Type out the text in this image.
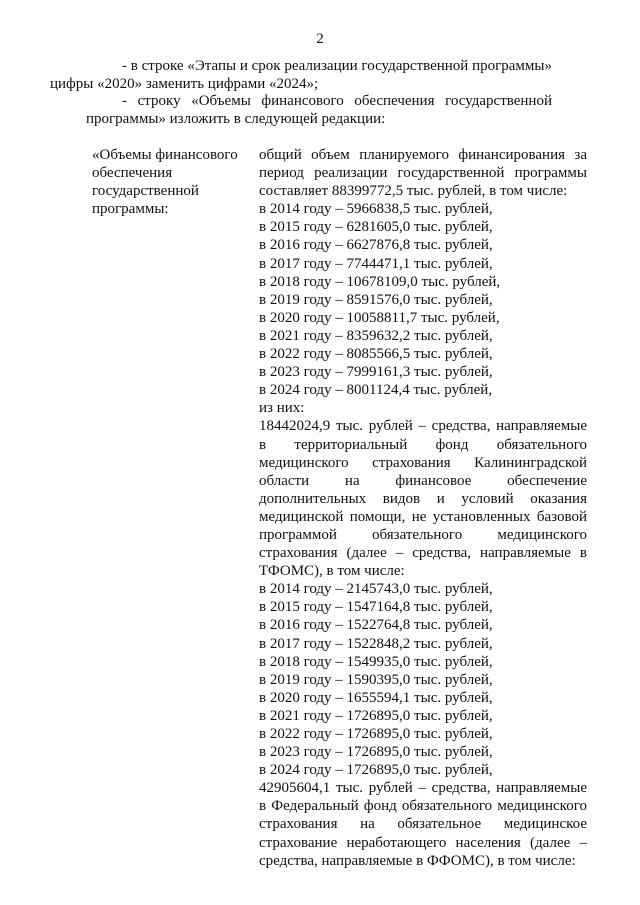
2

- в строке «Этапы и срок реализации государственной программы»
цифры «2020» заменить цифрами «2024»;

- строку «Объемы финансового обеспечения государственной
программы» изложить в следующей редакции:

«Объемы финансового
обеспечения
государственной
программы:
общий объем планируемого финансирования за
период реализации государственной программы
составляет 88399772,5 тыс. рублей, в том числе:
в 2014 году – 5966838,5 тыс. рублей,
в 2015 году – 6281605,0 тыс. рублей,
в 2016 году – 6627876,8 тыс. рублей,
в 2017 году – 7744471,1 тыс. рублей,
в 2018 году – 10678109,0 тыс. рублей,
в 2019 году – 8591576,0 тыс. рублей,
в 2020 году – 10058811,7 тыс. рублей,
в 2021 году – 8359632,2 тыс. рублей,
в 2022 году – 8085566,5 тыс. рублей,
в 2023 году – 7999161,3 тыс. рублей,
в 2024 году – 8001124,4 тыс. рублей,
из них:
18442024,9 тыс. рублей – средства, направляемые
в территориальный фонд обязательного
медицинского страхования Калининградской
области на финансовое обеспечение
дополнительных видов и условий оказания
медицинской помощи, не установленных базовой
программой обязательного медицинского
страхования (далее – средства, направляемые в
ТФОМС), в том числе:
в 2014 году – 2145743,0 тыс. рублей,
в 2015 году – 1547164,8 тыс. рублей,
в 2016 году – 1522764,8 тыс. рублей,
в 2017 году – 1522848,2 тыс. рублей,
в 2018 году – 1549935,0 тыс. рублей,
в 2019 году – 1590395,0 тыс. рублей,
в 2020 году – 1655594,1 тыс. рублей,
в 2021 году – 1726895,0 тыс. рублей,
в 2022 году – 1726895,0 тыс. рублей,
в 2023 году – 1726895,0 тыс. рублей,
в 2024 году – 1726895,0 тыс. рублей,
42905604,1 тыс. рублей – средства, направляемые
в Федеральный фонд обязательного медицинского
страхования на обязательное медицинское
страхование неработающего населения (далее –
средства, направляемые в ФФОМС), в том числе:
